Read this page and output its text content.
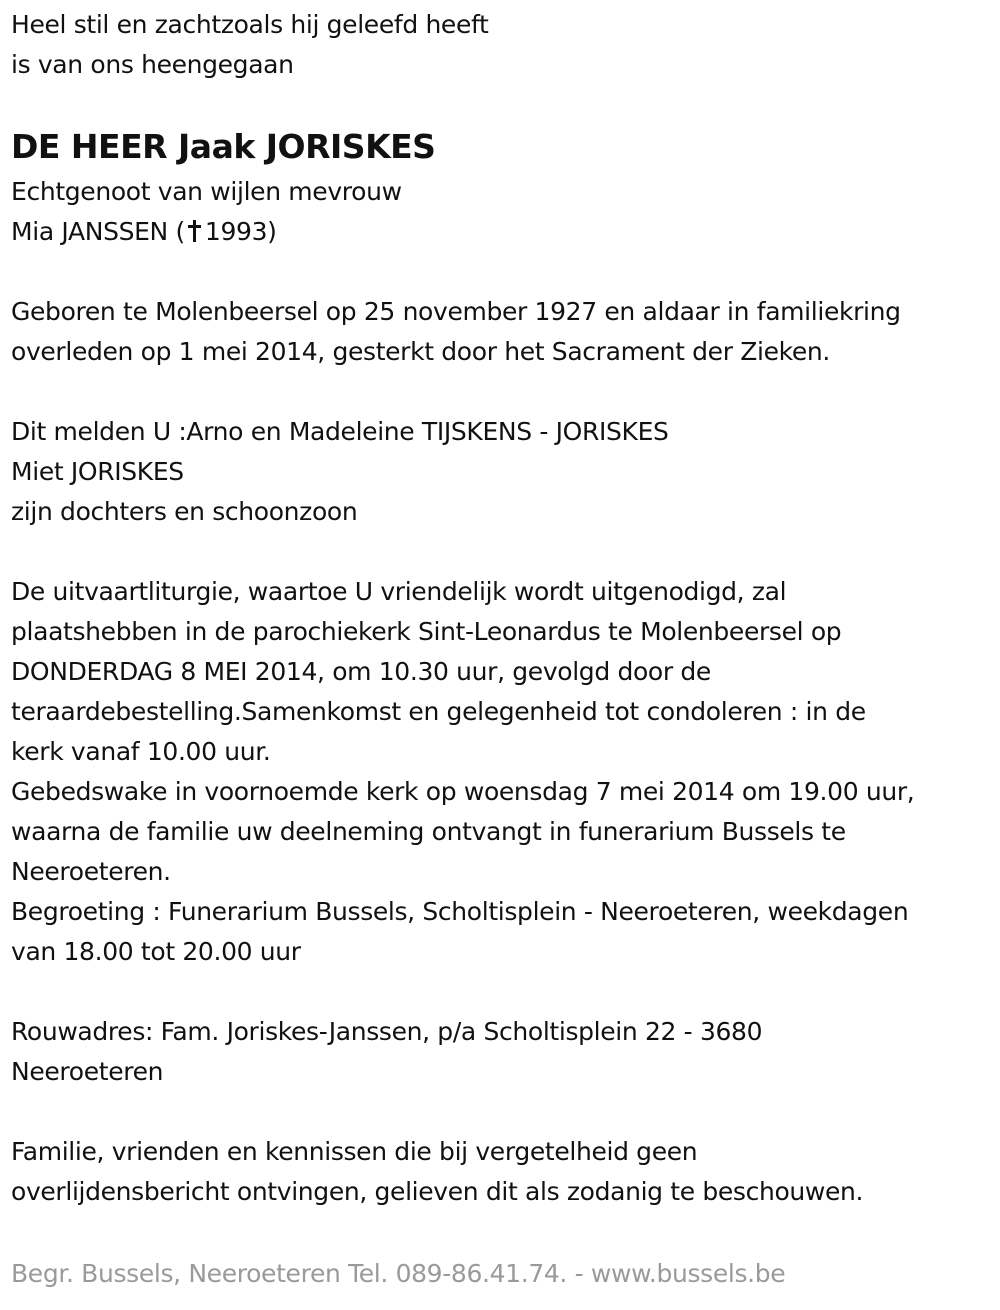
Heel stil en zachtzoals hij geleefd heeft
is van ons heengegaan
DE HEER Jaak JORISKES
Echtgenoot van wijlen mevrouw
Mia JANSSEN ( 1993)
Geboren te Molenbeersel op 25 november 1927 en aldaar in familiekring
overleden op 1 mei 2014, gesterkt door het Sacrament der Zieken.
Dit melden U :Arno en Madeleine TIJSKENS - JORISKES
Miet JORISKES
zijn dochters en schoonzoon
De uitvaartliturgie, waartoe U vriendelijk wordt uitgenodigd, zal
plaatshebben in de parochiekerk Sint-Leonardus te Molenbeersel op
DONDERDAG 8 MEI 2014, om 10.30 uur, gevolgd door de
teraardebestelling.Samenkomst en gelegenheid tot condoleren : in de
kerk vanaf 10.00 uur.
Gebedswake in voornoemde kerk op woensdag 7 mei 2014 om 19.00 uur,
waarna de familie uw deelneming ontvangt in funerarium Bussels te
Neeroeteren.
Begroeting : Funerarium Bussels, Scholtisplein - Neeroeteren, weekdagen
van 18.00 tot 20.00 uur
Rouwadres: Fam. Joriskes-Janssen, p/a Scholtisplein 22 - 3680
Neeroeteren
Familie, vrienden en kennissen die bij vergetelheid geen
overlijdensbericht ontvingen, gelieven dit als zodanig te beschouwen.
Begr. Bussels, Neeroeteren Tel. 089-86.41.74. - www.bussels.be
